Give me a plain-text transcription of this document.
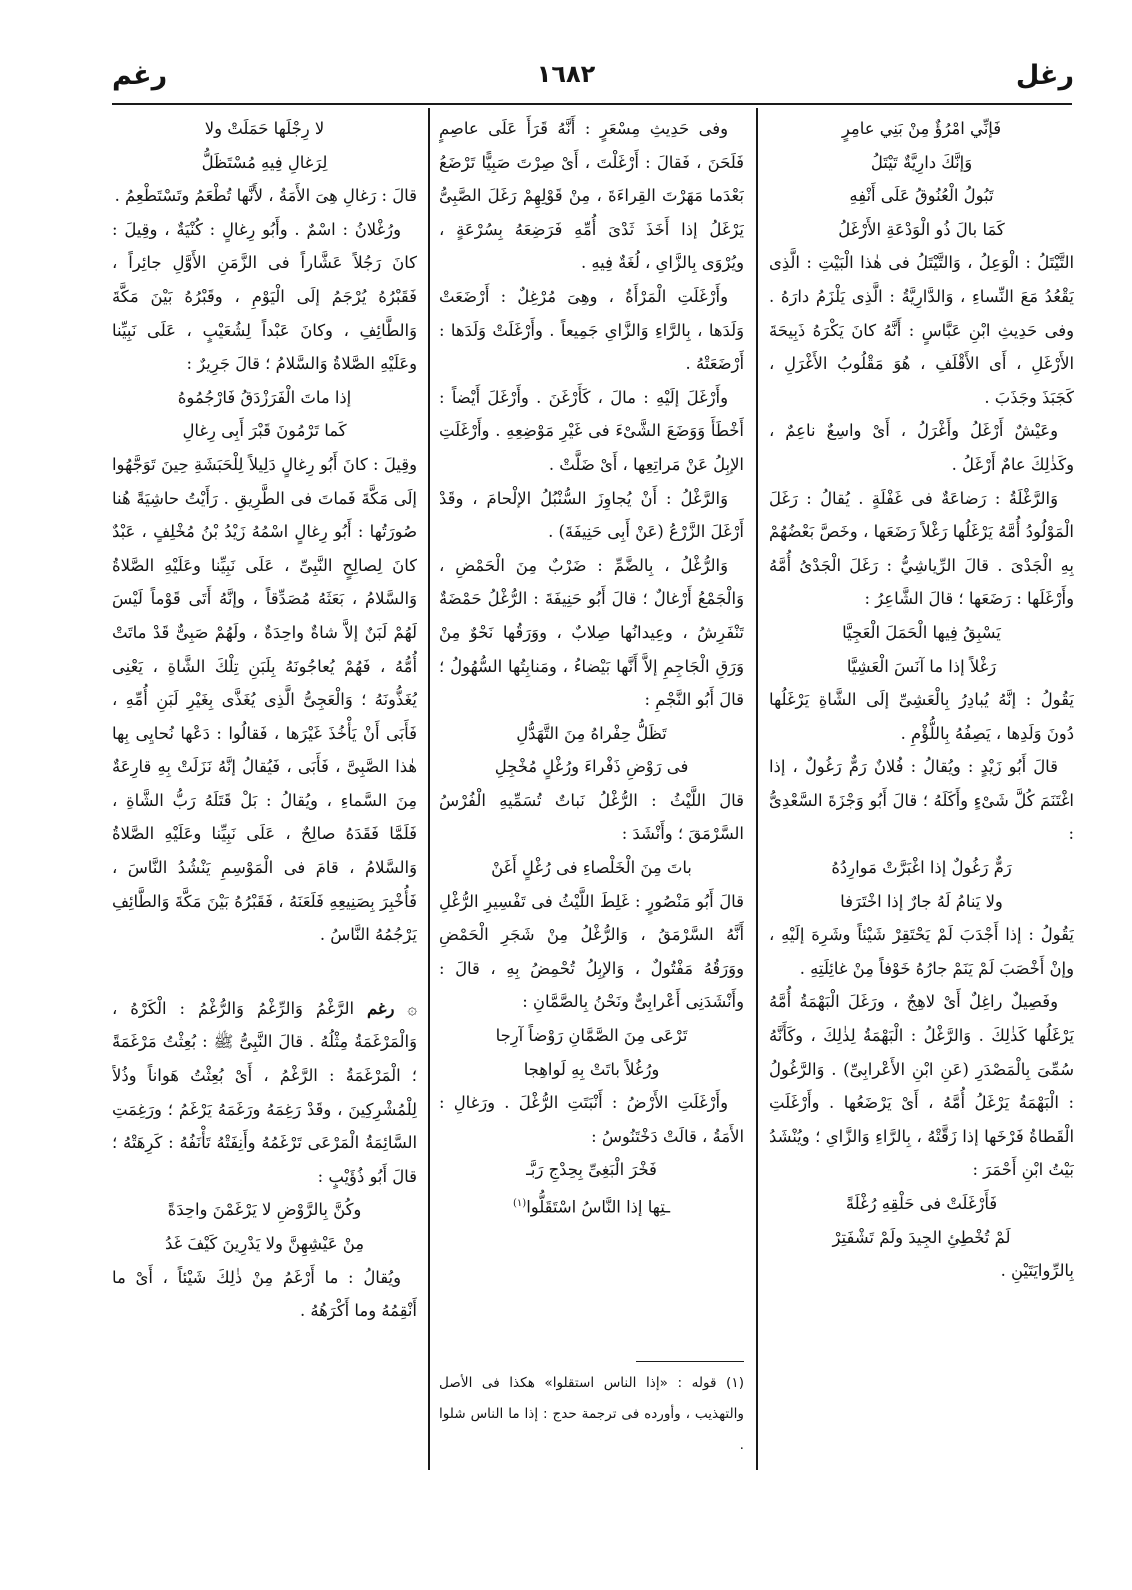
رغل
١٦٨٢
رغم

فَإنِّي امْرُؤٌ مِنْ بَنِي عامِرٍ

وَإنَّكَ دارِيَّةٌ تَيْتَلُ

تَبُولُ الْعُنُوقُ عَلَى أَنْفِهِ

كَمَا بالَ ذُو الْوَدْعَةِ الأَرْغَلُ

التَّيْتَلُ : الْوَعِلُ ، وَالتَّيْتَلُ فى هٰذا الْبَيْتِ : الَّذِى يَقْعُدُ مَعَ النِّساءِ ، وَالدَّارِيَّةُ : الَّذِى يَلْزَمُ دارَهُ . وفى حَدِيثِ ابْنِ عَبَّاسٍ : أَنَّهُ كانَ يَكْرَهُ ذَبِيحَةَ الأَرْغَلِ ، أَى الأَقْلَفِ ، هُوَ مَقْلُوبُ الأَغْرَلِ ، كَجَبَذَ وجَذَبَ .

وعَيْشٌ أَرْغَلُ وأَغْرَلُ ، أَىْ واسِعٌ ناعِمٌ ، وكَذٰلِكَ عامٌ أَرْغَلُ .

وَالرَّغْلَةُ : رَضاعَةٌ فى غَفْلَةٍ . يُقالُ : رَغَلَ الْمَوْلُودُ أُمَّهُ يَرْغَلُها رَغْلاً رَضَعَها ، وخَصَّ بَعْضُهُمْ بِهِ الْجَدْىَ . قالَ الرِّياشِيُّ : رَغَلَ الْجَدْىُ أُمَّهُ وأَرْغَلَها : رَضَعَها ؛ قالَ الشَّاعِرُ :

يَسْبِقُ فِيها الْحَمَلَ الْعَجِيَّا

رَغْلاً إذا ما آنَسَ الْعَشِيَّا

يَقُولُ : إنَّهُ يُبادِرُ بِالْعَشِىِّ إلَى الشَّاةِ يَرْغَلُها دُونَ وَلَدِها ، يَصِفُهُ بِاللُّؤْمِ .

قالَ أَبُو زَيْدٍ : ويُقالُ : فُلانٌ رَمٌّ رَغُولٌ ، إذا اغْتَنَمَ كُلَّ شَىْءٍ وأَكَلَهُ ؛ قالَ أَبُو وَجْزَةَ السَّعْدِىُّ :

رَمٌّ رَغُولٌ إذا اغْبَرَّتْ مَوارِدُهُ

ولا يَنامُ لَهُ جارٌ إذا اخْتَرَفا

يَقُولُ : إذا أَجْدَبَ لَمْ يَحْتَقِرْ شَيْئاً وشَرِهَ إلَيْهِ ، وإنْ أَخْصَبَ لَمْ يَنَمْ جارُهُ خَوْفاً مِنْ غائِلَتِهِ .

وفَصِيلٌ راغِلٌ أَىْ لاهِجٌ ، ورَغَلَ الْبَهْمَةُ أُمَّهُ يَرْغَلُها كَذٰلِكَ . وَالرَّغْلُ : الْبَهْمَةُ لِذٰلِكَ ، وكَأَنَّهُ سُمِّىَ بِالْمَصْدَرِ (عَنِ ابْنِ الأَعْرابِىِّ) . وَالرَّغُولُ : الْبَهْمَةُ يَرْغَلُ أُمَّهُ ، أَىْ يَرْضَعُها . وأَرْغَلَتِ الْقَطاةُ فَرْخَها إذا زَقَّتْهُ ، بِالرَّاءِ وَالزَّاىِ ؛ ويُنْشَدُ بَيْتُ ابْنِ أَحْمَرَ :

فَأَرْغَلَتْ فى حَلْقِهِ رُغْلَةً

لَمْ تُخْطِئِ الجِيدَ ولَمْ تَشْفَتِرْ

بِالرِّوايَتَيْنِ .

وفى حَدِيثِ مِسْعَرٍ : أَنَّهُ قَرَأَ عَلَى عاصِمٍ فَلَحَنَ ، فَقالَ : أَرْغَلْتَ ، أَىْ صِرْتَ صَبِيًّا تَرْضَعُ بَعْدَما مَهَرْتَ القِراءَةَ ، مِنْ قَوْلِهِمْ رَغَلَ الصَّبِىُّ يَرْغَلُ إذا أَخَذَ ثَدْىَ أُمِّهِ فَرَضِعَهُ بِسُرْعَةٍ ، ويُرْوَى بِالزَّاىِ ، لُغَةٌ فِيهِ .

وأَرْغَلَتِ الْمَرْأَةُ ، وهِىَ مُرْغِلٌ : أَرْضَعَتْ وَلَدَها ، بِالرَّاءِ وَالزَّاىِ جَمِيعاً . وأَرْغَلَتْ وَلَدَها : أَرْضَعَتْهُ .

وأَرْغَلَ إلَيْهِ : مالَ ، كَأَرْغَنَ . وأَرْغَلَ أَيْضاً : أَخْطَأَ وَوَضَعَ الشَّىْءَ فى غَيْرِ مَوْضِعِهِ . وأَرْغَلَتِ الإبِلُ عَنْ مَراتِعِها ، أَىْ ضَلَّتْ .

وَالرَّغْلُ : أَنْ يُجاوِزَ السُّنْبُلُ الإلْحامَ ، وقَدْ أَرْغَلَ الزَّرْعُ (عَنْ أَبِى حَنِيفَةَ) .

وَالرُّغْلُ ، بِالضَّمِّ : ضَرْبٌ مِنَ الْحَمْضِ ، وَالْجَمْعُ أَرْغالٌ ؛ قالَ أَبُو حَنِيفَةَ : الرُّغْلُ حَمْضَةٌ تَنْفَرِشُ ، وعِيدانُها صِلابٌ ، ووَرَقُها نَحْوٌ مِنْ وَرَقِ الْجَاجِمِ إلاَّ أَنَّها بَيْضاءُ ، ومَنابِتُها السُّهُولُ ؛ قالَ أَبُو النَّجْمِ :

تَظَلُّ حِفْراهُ مِنَ التَّهَدُّلِ

فى رَوْضِ ذَفْراءَ ورُغْلٍ مُخْجِلِ

قالَ اللَّيْثُ : الرُّغْلُ نَباتٌ تُسَمِّيهِ الْفُرْسُ السَّرْمَقَ ؛ وأَنْشَدَ :

باتَ مِنَ الْخَلْصاءِ فى رُغْلٍ أَغَنْ

قالَ أَبُو مَنْصُورٍ : غَلِطَ اللَّيْثُ فى تَفْسِيرِ الرُّغْلِ أَنَّهُ السَّرْمَقُ ، وَالرُّغْلُ مِنْ شَجَرِ الْحَمْضِ ووَرَقُهُ مَفْتُولٌ ، وَالإبِلُ تُحْمِضُ بِهِ ، قالَ : وأَنْشَدَنِى أَعْرابِىٌّ ونَحْنُ بِالصَّمَّانِ :

تَرْعَى مِنَ الصَّمَّانِ رَوْضاً آرِجا

ورُغُلاً باتَتْ بِهِ لَواهِجا

وأَرْغَلَتِ الأَرْضُ : أَنْبَتَتِ الرُّغْلَ . ورَغالِ : الأَمَةُ ، قالَتْ دَخْتَنُوسُ :

فَخْرَ الْبَغِىِّ بِحِدْجِ رَبَّـ

ـتِها إذا النَّاسُ اسْتَقَلُّوا$^{(١)}$

(١) قوله : «إذا الناس استقلوا» هكذا فى الأصل والتهذيب ، وأورده فى ترجمة حدج : إذا ما الناس شلوا .

لا رِجْلَها حَمَلَتْ ولا

لِرَغالِ فِيهِ مُسْتَظَلُّ

قالَ : رَغالِ هِىَ الأَمَةُ ، لأَنَّها تُطْعَمُ وتَسْتَطْعِمُ .

ورُغْلانُ : اسْمٌ . وأَبُو رِغالٍ : كُنْيَةٌ ، وقِيلَ : كانَ رَجُلاً عَشَّاراً فى الزَّمَنِ الأَوَّلِ جائِراً ، فَقَبْرُهُ يُرْجَمُ إلَى الْيَوْمِ ، وقَبْرُهُ بَيْنَ مَكَّةَ وَالطَّائِفِ ، وكانَ عَبْداً لِشُعَيْبٍ ، عَلَى نَبِيِّنا وعَلَيْهِ الصَّلاةُ وَالسَّلامُ ؛ قالَ جَرِيرٌ :

إذا ماتَ الْفَرَزْدَقُ فَارْجُمُوهُ

كَما تَرْمُونَ قَبْرَ أَبِى رِغالِ

وقِيلَ : كانَ أَبُو رِغالٍ دَلِيلاً لِلْحَبَشَةِ حِينَ تَوَجَّهُوا إلَى مَكَّةَ فَماتَ فى الطَّرِيقِ . رَأَيْتُ حاشِيَةً هُنا صُورَتُها : أَبُو رِغالٍ اسْمُهُ زَيْدُ بْنُ مُخْلِفٍ ، عَبْدٌ كانَ لِصالِحٍ النَّبِىِّ ، عَلَى نَبِيِّنا وعَلَيْهِ الصَّلاةُ وَالسَّلامُ ، بَعَثَهُ مُصَدِّقاً ، وإنَّهُ أَتَى قَوْماً لَيْسَ لَهُمْ لَبَنٌ إلاَّ شاةٌ واحِدَةٌ ، ولَهُمْ صَبِىٌّ قَدْ ماتَتْ أُمُّهُ ، فَهُمْ يُعاجُونَهُ بِلَبَنِ تِلْكَ الشَّاةِ ، يَعْنِى يُغَذُّونَهُ ؛ وَالْعَجِىُّ الَّذِى يُغَذَّى بِغَيْرِ لَبَنِ أُمِّهِ ، فَأَبَى أَنْ يَأْخُذَ غَيْرَها ، فَقالُوا : دَعْها نُحايِى بِها هٰذا الصَّبِىَّ ، فَأَبَى ، فَيُقالُ إنَّهُ نَزَلَتْ بِهِ قارِعَةٌ مِنَ السَّماءِ ، ويُقالُ : بَلْ قَتَلَهُ رَبُّ الشَّاةِ ، فَلَمَّا فَقَدَهُ صالِحٌ ، عَلَى نَبِيِّنا وعَلَيْهِ الصَّلاةُ وَالسَّلامُ ، قامَ فى الْمَوْسِمِ يَنْشُدُ النَّاسَ ، فَأُخْبِرَ بِصَنِيعِهِ فَلَعَنَهُ ، فَقَبْرُهُ بَيْنَ مَكَّةَ وَالطَّائِفِ يَرْجُمُهُ النَّاسُ .

۞ رغم الرَّغْمُ وَالرِّغْمُ وَالرُّغْمُ : الْكَرْهُ ، وَالْمَرْغَمَةُ مِثْلُهُ . قالَ النَّبِىُّ ﷺ : بُعِثْتُ مَرْغَمَةً ؛ الْمَرْغَمَةُ : الرَّغْمُ ، أَىْ بُعِثْتُ هَواناً وذُلاً لِلْمُشْرِكِينَ ، وقَدْ رَغِمَهُ ورَغَمَهُ يَرْغَمُ ؛ ورَغِمَتِ السَّائِمَةُ الْمَرْعَى تَرْغَمُهُ وأَنِفَتْهُ تَأْنَفُهُ : كَرِهَتْهُ ؛ قالَ أَبُو ذُؤَيْبٍ :

وكُنَّ بِالرَّوْضِ لا يَرْغَمْنَ واحِدَةً

مِنْ عَيْشِهِنَّ ولا يَدْرِينَ كَيْفَ غَدُ

ويُقالُ : ما أَرْغَمُ مِنْ ذٰلِكَ شَيْئاً ، أَىْ ما أَنْقِمُهُ وما أَكْرَهُهُ .
